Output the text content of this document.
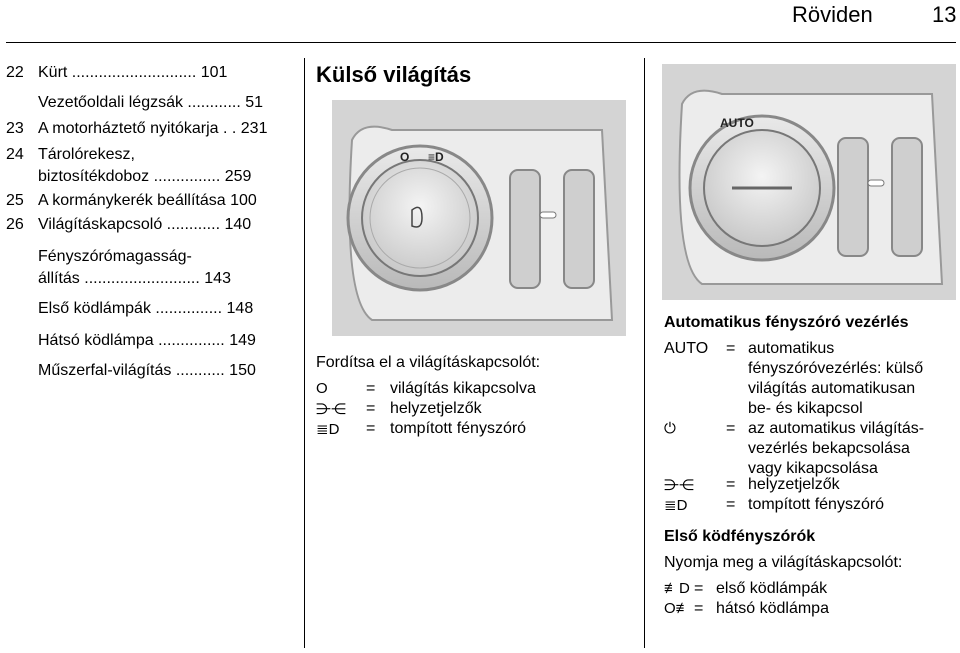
Röviden	13
22 Kürt ............................ 101
Vezetőoldali légzsák ............ 51
23 A motorháztető nyitókarja . . 231
24 Tárolórekesz,
biztosítékdoboz ............... 259
25 A kormánykerék beállítása 100
26 Világításkapcsoló ............ 140
Fényszórómagasság-
állítás .......................... 143
Első ködlámpák ............... 148
Hátsó ködlámpa ............... 149
Műszerfal-világítás ........... 150
Külső világítás
O ≡D
Fordítsa el a világításkapcsolót:
O	= világítás kikapcsolva
⋺⋲	= helyzetjelzők
≣D	= tompított fényszóró
AUTO
Automatikus fényszóró vezérlés
AUTO = automatikus
fényszóróvezérlés: külső
világítás automatikusan
be- és kikapcsol
⏻	= az automatikus világítás-
vezérlés bekapcsolása
vagy kikapcsolása
⋺⋲ = helyzetjelzők
≣D = tompított fényszóró
Első ködfényszórók
Nyomja meg a világításkapcsolót:
≢D = első ködlámpák
O≢ = hátsó ködlámpa
